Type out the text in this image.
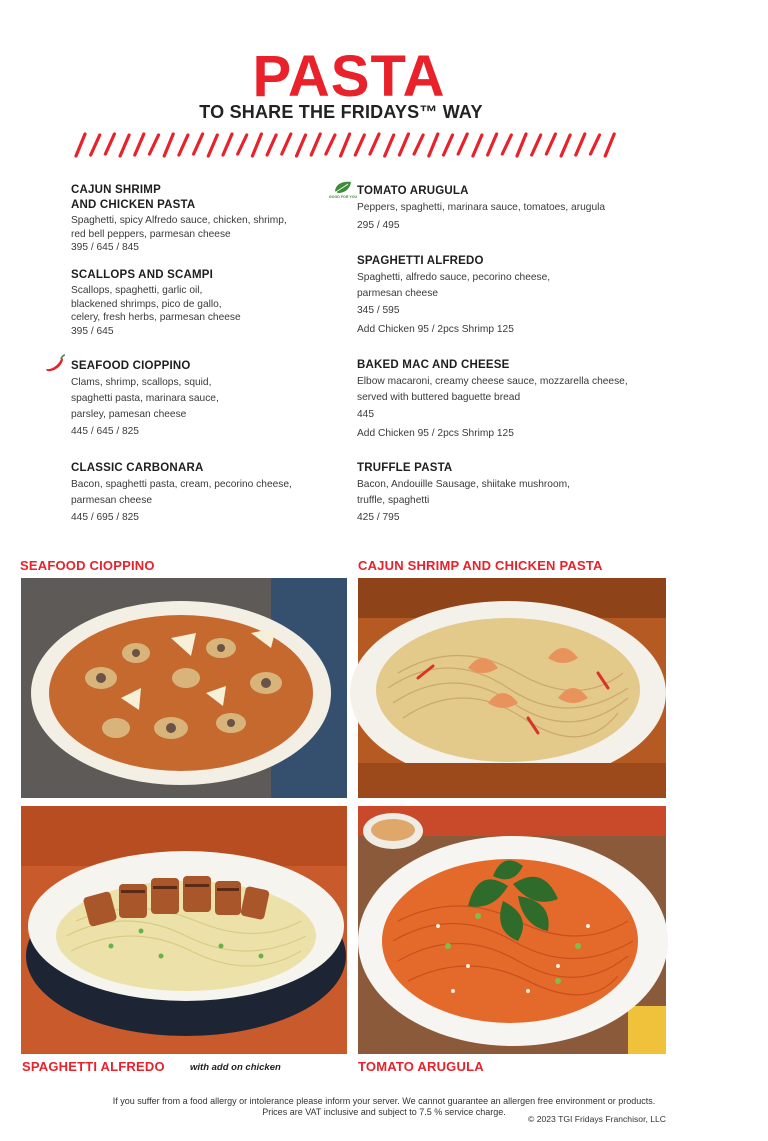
PASTA
TO SHARE THE FRIDAYS™ WAY
CAJUN SHRIMP
AND CHICKEN PASTA
Spaghetti, spicy Alfredo sauce, chicken, shrimp,
red bell peppers, parmesan cheese
395 / 645 / 845
SCALLOPS AND SCAMPI
Scallops, spaghetti, garlic oil,
blackened shrimps, pico de gallo,
celery, fresh herbs, parmesan cheese
395 / 645
SEAFOOD CIOPPINO
Clams, shrimp, scallops, squid,
spaghetti pasta, marinara sauce,
parsley, pamesan cheese
445 / 645 / 825
CLASSIC CARBONARA
Bacon, spaghetti pasta, cream, pecorino cheese,
parmesan cheese
445 / 695 / 825
GOOD FOR YOU TOMATO ARUGULA
Peppers, spaghetti, marinara sauce, tomatoes, arugula
295 / 495
SPAGHETTI ALFREDO
Spaghetti, alfredo sauce, pecorino cheese,
parmesan cheese
345 / 595
Add Chicken 95 / 2pcs Shrimp 125
BAKED MAC AND CHEESE
Elbow macaroni, creamy cheese sauce, mozzarella cheese,
served with buttered baguette bread
445
Add Chicken 95 / 2pcs Shrimp 125
TRUFFLE PASTA
Bacon, Andouille Sausage, shiitake mushroom,
truffle, spaghetti
425 / 795
SEAFOOD CIOPPINO	CAJUN SHRIMP AND CHICKEN PASTA
SPAGHETTI ALFREDO	with add on chicken	TOMATO ARUGULA
If you suffer from a food allergy or intolerance please inform your server. We cannot guarantee an allergen free environment or products.
Prices are VAT inclusive and subject to 7.5 % service charge.
© 2023 TGI Fridays Franchisor, LLC
